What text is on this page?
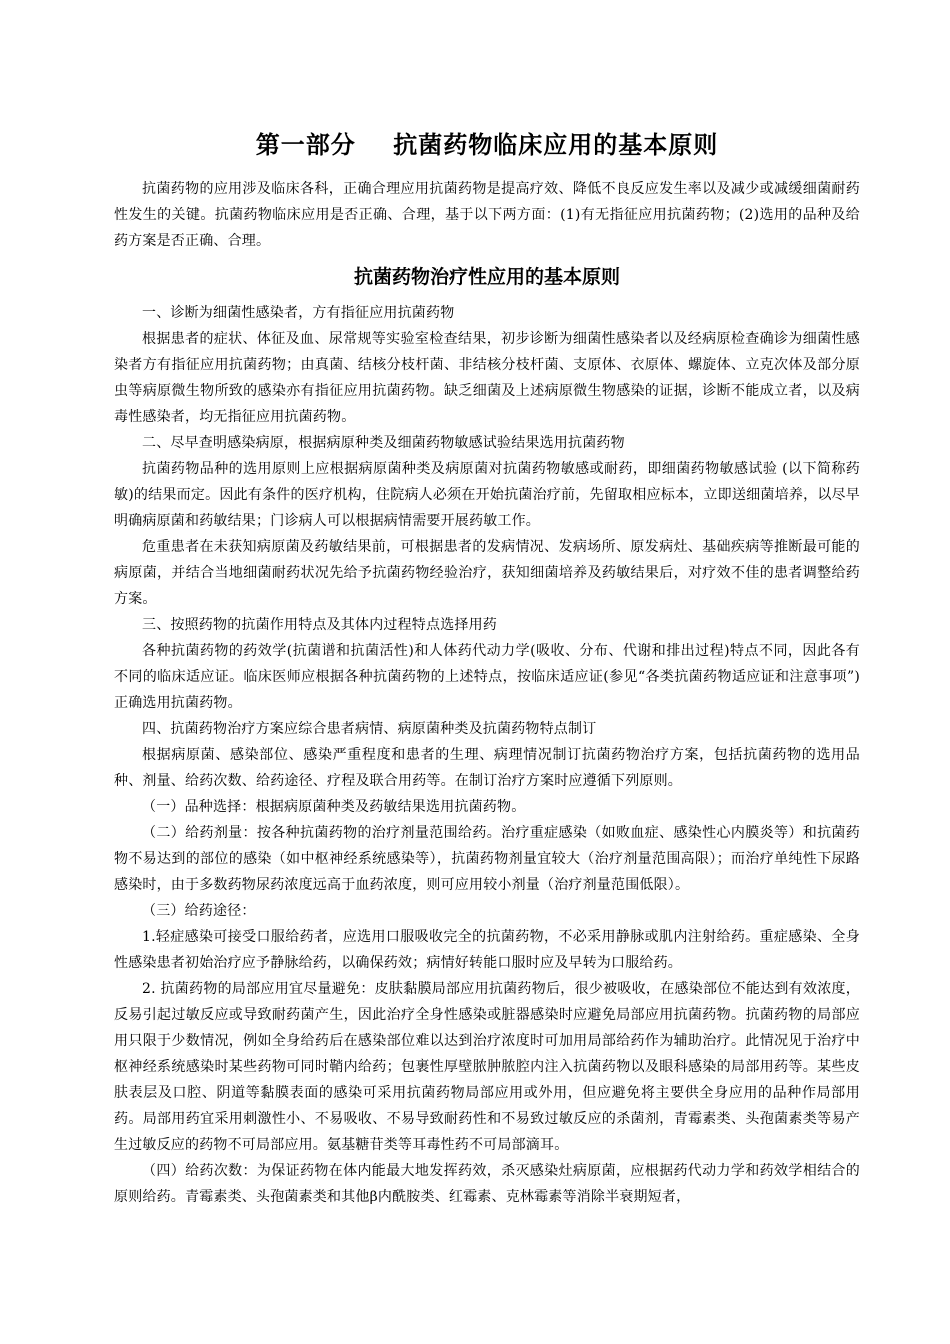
第一部分    抗菌药物临床应用的基本原则

抗菌药物的应用涉及临床各科，正确合理应用抗菌药物是提高疗效、降低不良反应发生率以及减少或减缓细菌耐药性发生的关键。抗菌药物临床应用是否正确、合理，基于以下两方面：(1)有无指征应用抗菌药物；(2)选用的品种及给药方案是否正确、合理。

抗菌药物治疗性应用的基本原则

一、诊断为细菌性感染者，方有指征应用抗菌药物

根据患者的症状、体征及血、尿常规等实验室检查结果，初步诊断为细菌性感染者以及经病原检查确诊为细菌性感染者方有指征应用抗菌药物；由真菌、结核分枝杆菌、非结核分枝杆菌、支原体、衣原体、螺旋体、立克次体及部分原虫等病原微生物所致的感染亦有指征应用抗菌药物。缺乏细菌及上述病原微生物感染的证据，诊断不能成立者，以及病毒性感染者，均无指征应用抗菌药物。

二、尽早查明感染病原，根据病原种类及细菌药物敏感试验结果选用抗菌药物

抗菌药物品种的选用原则上应根据病原菌种类及病原菌对抗菌药物敏感或耐药，即细菌药物敏感试验 (以下简称药敏)的结果而定。因此有条件的医疗机构，住院病人必须在开始抗菌治疗前，先留取相应标本，立即送细菌培养，以尽早明确病原菌和药敏结果；门诊病人可以根据病情需要开展药敏工作。

危重患者在未获知病原菌及药敏结果前，可根据患者的发病情况、发病场所、原发病灶、基础疾病等推断最可能的病原菌，并结合当地细菌耐药状况先给予抗菌药物经验治疗，获知细菌培养及药敏结果后，对疗效不佳的患者调整给药方案。

三、按照药物的抗菌作用特点及其体内过程特点选择用药

各种抗菌药物的药效学(抗菌谱和抗菌活性)和人体药代动力学(吸收、分布、代谢和排出过程)特点不同，因此各有不同的临床适应证。临床医师应根据各种抗菌药物的上述特点，按临床适应证(参见“各类抗菌药物适应证和注意事项”)正确选用抗菌药物。

四、抗菌药物治疗方案应综合患者病情、病原菌种类及抗菌药物特点制订

根据病原菌、感染部位、感染严重程度和患者的生理、病理情况制订抗菌药物治疗方案，包括抗菌药物的选用品种、剂量、给药次数、给药途径、疗程及联合用药等。在制订治疗方案时应遵循下列原则。

（一）品种选择：根据病原菌种类及药敏结果选用抗菌药物。

（二）给药剂量：按各种抗菌药物的治疗剂量范围给药。治疗重症感染（如败血症、感染性心内膜炎等）和抗菌药物不易达到的部位的感染（如中枢神经系统感染等），抗菌药物剂量宜较大（治疗剂量范围高限）；而治疗单纯性下尿路感染时，由于多数药物尿药浓度远高于血药浓度，则可应用较小剂量（治疗剂量范围低限）。

（三）给药途径：

1.轻症感染可接受口服给药者，应选用口服吸收完全的抗菌药物，不必采用静脉或肌内注射给药。重症感染、全身性感染患者初始治疗应予静脉给药，以确保药效；病情好转能口服时应及早转为口服给药。

2. 抗菌药物的局部应用宜尽量避免：皮肤黏膜局部应用抗菌药物后，很少被吸收，在感染部位不能达到有效浓度，反易引起过敏反应或导致耐药菌产生，因此治疗全身性感染或脏器感染时应避免局部应用抗菌药物。抗菌药物的局部应用只限于少数情况，例如全身给药后在感染部位难以达到治疗浓度时可加用局部给药作为辅助治疗。此情况见于治疗中枢神经系统感染时某些药物可同时鞘内给药；包裹性厚壁脓肿脓腔内注入抗菌药物以及眼科感染的局部用药等。某些皮肤表层及口腔、阴道等黏膜表面的感染可采用抗菌药物局部应用或外用，但应避免将主要供全身应用的品种作局部用药。局部用药宜采用刺激性小、不易吸收、不易导致耐药性和不易致过敏反应的杀菌剂，青霉素类、头孢菌素类等易产生过敏反应的药物不可局部应用。氨基糖苷类等耳毒性药不可局部滴耳。

（四）给药次数：为保证药物在体内能最大地发挥药效，杀灭感染灶病原菌，应根据药代动力学和药效学相结合的原则给药。青霉素类、头孢菌素类和其他β内酰胺类、红霉素、克林霉素等消除半衰期短者，
